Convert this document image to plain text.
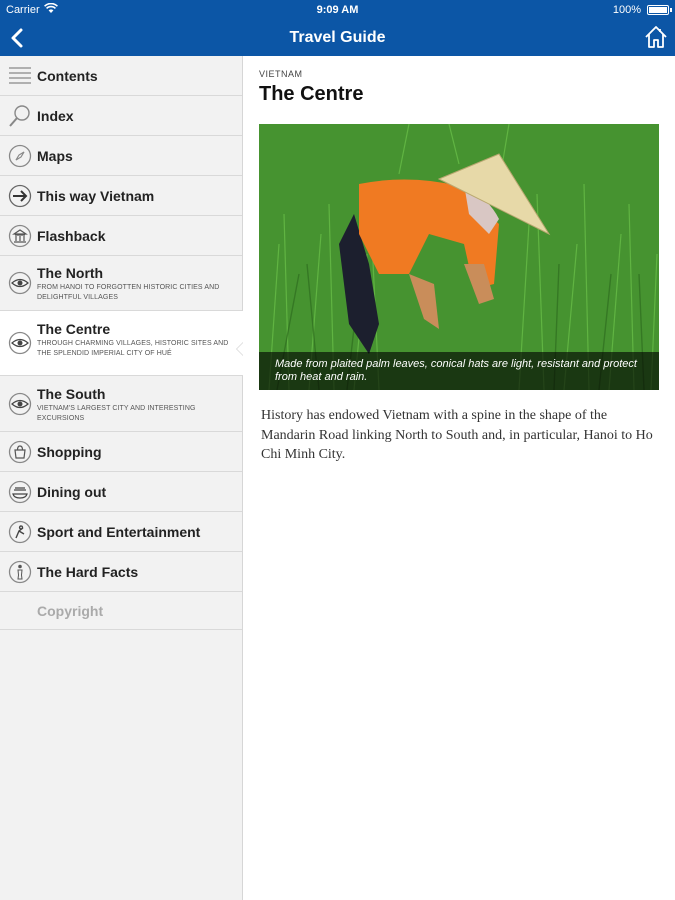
Carrier	9:09 AM	100%
Travel Guide
Contents
Index
Maps
This way Vietnam
Flashback
The North
FROM HANOI TO FORGOTTEN HISTORIC CITIES AND DELIGHTFUL VILLAGES
The Centre
THROUGH CHARMING VILLAGES, HISTORIC SITES AND THE SPLENDID IMPERIAL CITY OF HUÉ
The South
VIETNAM'S LARGEST CITY AND INTERESTING EXCURSIONS
Shopping
Dining out
Sport and Entertainment
The Hard Facts
Copyright
VIETNAM
The Centre
Made from plaited palm leaves, conical hats are light, resistant and protect from heat and rain.

History has endowed Vietnam with a spine in the shape of the Mandarin Road linking North to South and, in particular, Hanoi to Ho Chi Minh City.
